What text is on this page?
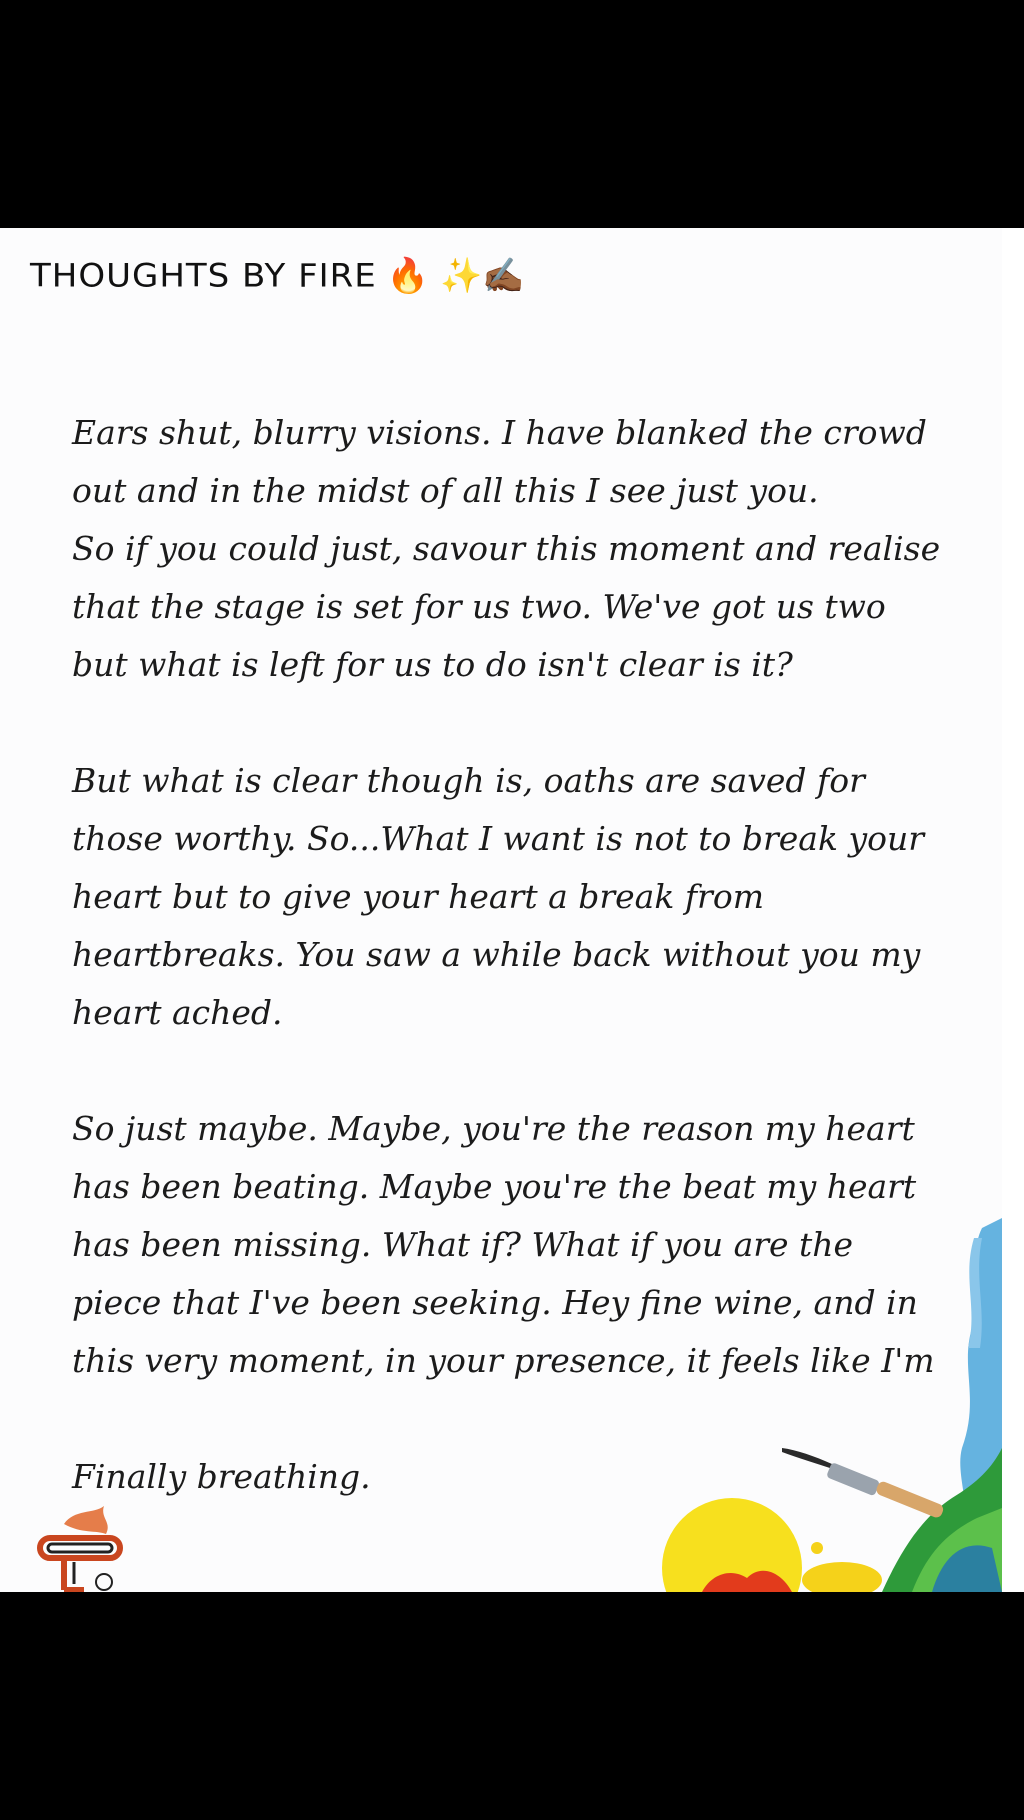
THOUGHTS BY FIRE 🔥 ✨✍🏾

Ears shut, blurry visions. I have blanked the crowd
out and in the midst of all this I see just you.
So if you could just, savour this moment and realise
that the stage is set for us two. We've got us two
but what is left for us to do isn't clear is it?

But what is clear though is, oaths are saved for
those worthy. So...What I want is not to break your
heart but to give your heart a break from
heartbreaks. You saw a while back without you my
heart ached.

So just maybe. Maybe, you're the reason my heart
has been beating. Maybe you're the beat my heart
has been missing. What if? What if you are the
piece that I've been seeking. Hey fine wine, and in
this very moment, in your presence, it feels like I'm

Finally breathing.
